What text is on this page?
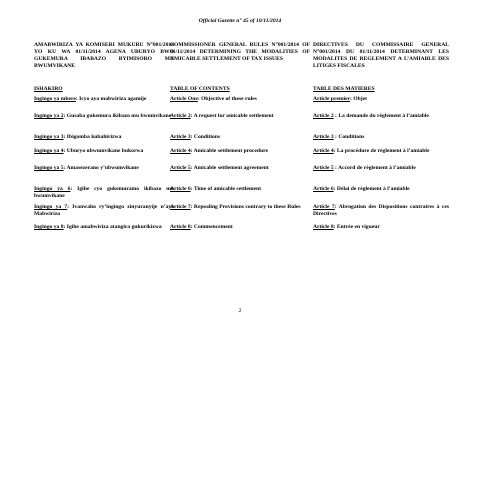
Official Gazette n° 45 of 10/11/2014
AMABWIRIZA YA KOMISERI MUKURU N°001/2014 YO KU WA 01/11/2014 AGENA UBURYO BWO GUKEMURA IBABAZO BYIMISORO MU BWUMVIKANE
ISHAKIRO
Ingingo ya mbere: Icyo aya mabwiriza agamije
Ingingo ya 2: Gusaba gukemura ikibazo mu bwumvikane
Ingingo ya 3: Ibigomba kubahirizwa
Ingingo ya 4: Uburyo ubwumvikane bukorwa
Ingingo ya 5: Amasezerano y’ubwumvikane
Ingingo ya 6: Igihe cyo gukemuramo ikibazo mu bwumvikane
Ingingo ya 7: Ivanwaho ry’ingingo zinyuranyije n’aya Mabwiriza
Ingingo ya 8: Igihe amabwiriza atangira gukurikizwa
COMMISSIONER GENERAL RULES N°001/2014 OF 01/11/2014 DETERMINING THE MODALITIES OF AMICABLE SETTLEMENT OF TAX ISSUES
TABLE OF CONTENTS
Article One: Objective of these rules
Article 2: A request for amicable settlement
Article 3: Conditions
Article 4: Amicable settlement procedure
Article 5: Amicable settlement agreement
Article 6: Time of amicable settlement
Article 7: Repealing Provisions contrary to these Rules
Article 8: Commencement
DIRECTIVES DU COMMISSAIRE GENERAL N°001/2014 DU 01/11/2014 DETERMINANT LES MODALITES DE REGLEMENT A L’AMIABLE DES LITIGES FISCALES
TABLE DES MATIERES
Article premier: Objet
Article 2 : La demande du règlement à l’amiable
Article 3 : Conditions
Article 4: La procédure de règlement à l’amiable
Article 5 : Accord de règlement à l’amiable
Article 6: Délai de règlement à l’amiable
Article 7: Abrogation des Dispositions contraires à ces Directives
Article 8: Entrée en vigueur
2
